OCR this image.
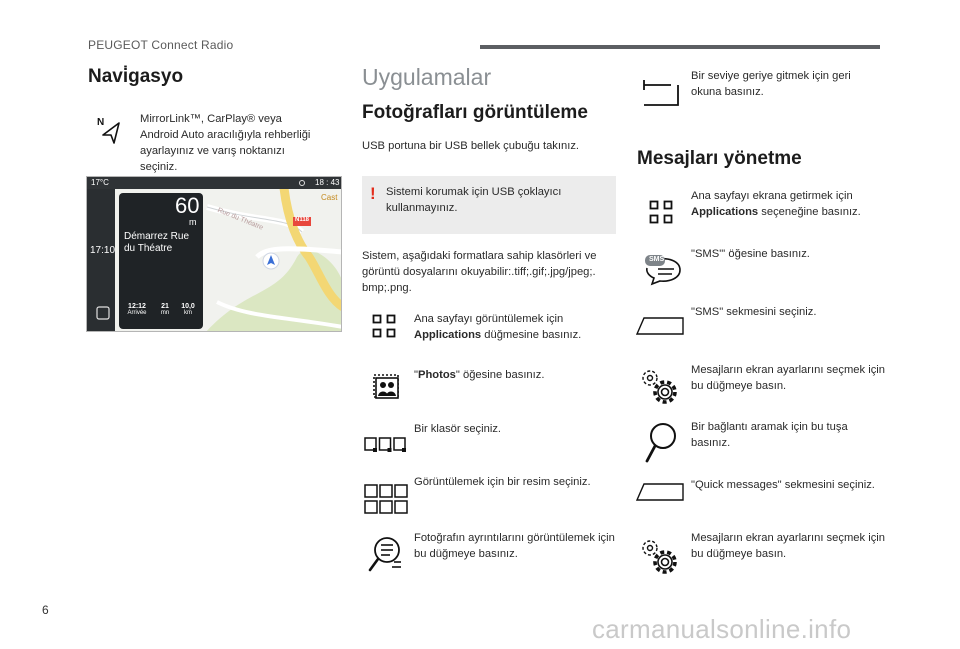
PEUGEOT Connect Radio
6
carmanualsonline.info
Navi̇gasyo
N	MirrorLink™, CarPlay® veya
Android Auto aracılığıyla rehberliği
ayarlayınız ve varış noktanızı
seçiniz.
17°C	18 : 43
17:10
60
m
Démarrez Rue du Théatre
N118
Cast
Rue du Théatre
12:12
Arrivée
21
mn
10,0
km
Uygulamalar
Fotoğrafları görüntüleme
USB portuna bir USB bellek çubuğu takınız.
! Sistemi korumak için USB çoklayıcı kullanmayınız.
Sistem, aşağıdaki formatlara sahip klasörleri ve görüntü dosyalarını okuyabilir:.tiff;.gif;.jpg/jpeg;. bmp;.png.
Ana sayfayı görüntülemek için
Applications düğmesine basınız.
"Photos" öğesine basınız.
Bir klasör seçiniz.
Görüntülemek için bir resim seçiniz.
Fotoğrafın ayrıntılarını görüntülemek için bu düğmeye basınız.
Bir seviye geriye gitmek için geri okuna basınız.
Mesajları yönetme
Ana sayfayı ekrana getirmek için
Applications seçeneğine basınız.
SMS "SMS"' öğesine basınız.
"SMS" sekmesini seçiniz.
Mesajların ekran ayarlarını seçmek için bu düğmeye basın.
Bir bağlantı aramak için bu tuşa basınız.
"Quick messages" sekmesini seçiniz.
Mesajların ekran ayarlarını seçmek için bu düğmeye basın.
